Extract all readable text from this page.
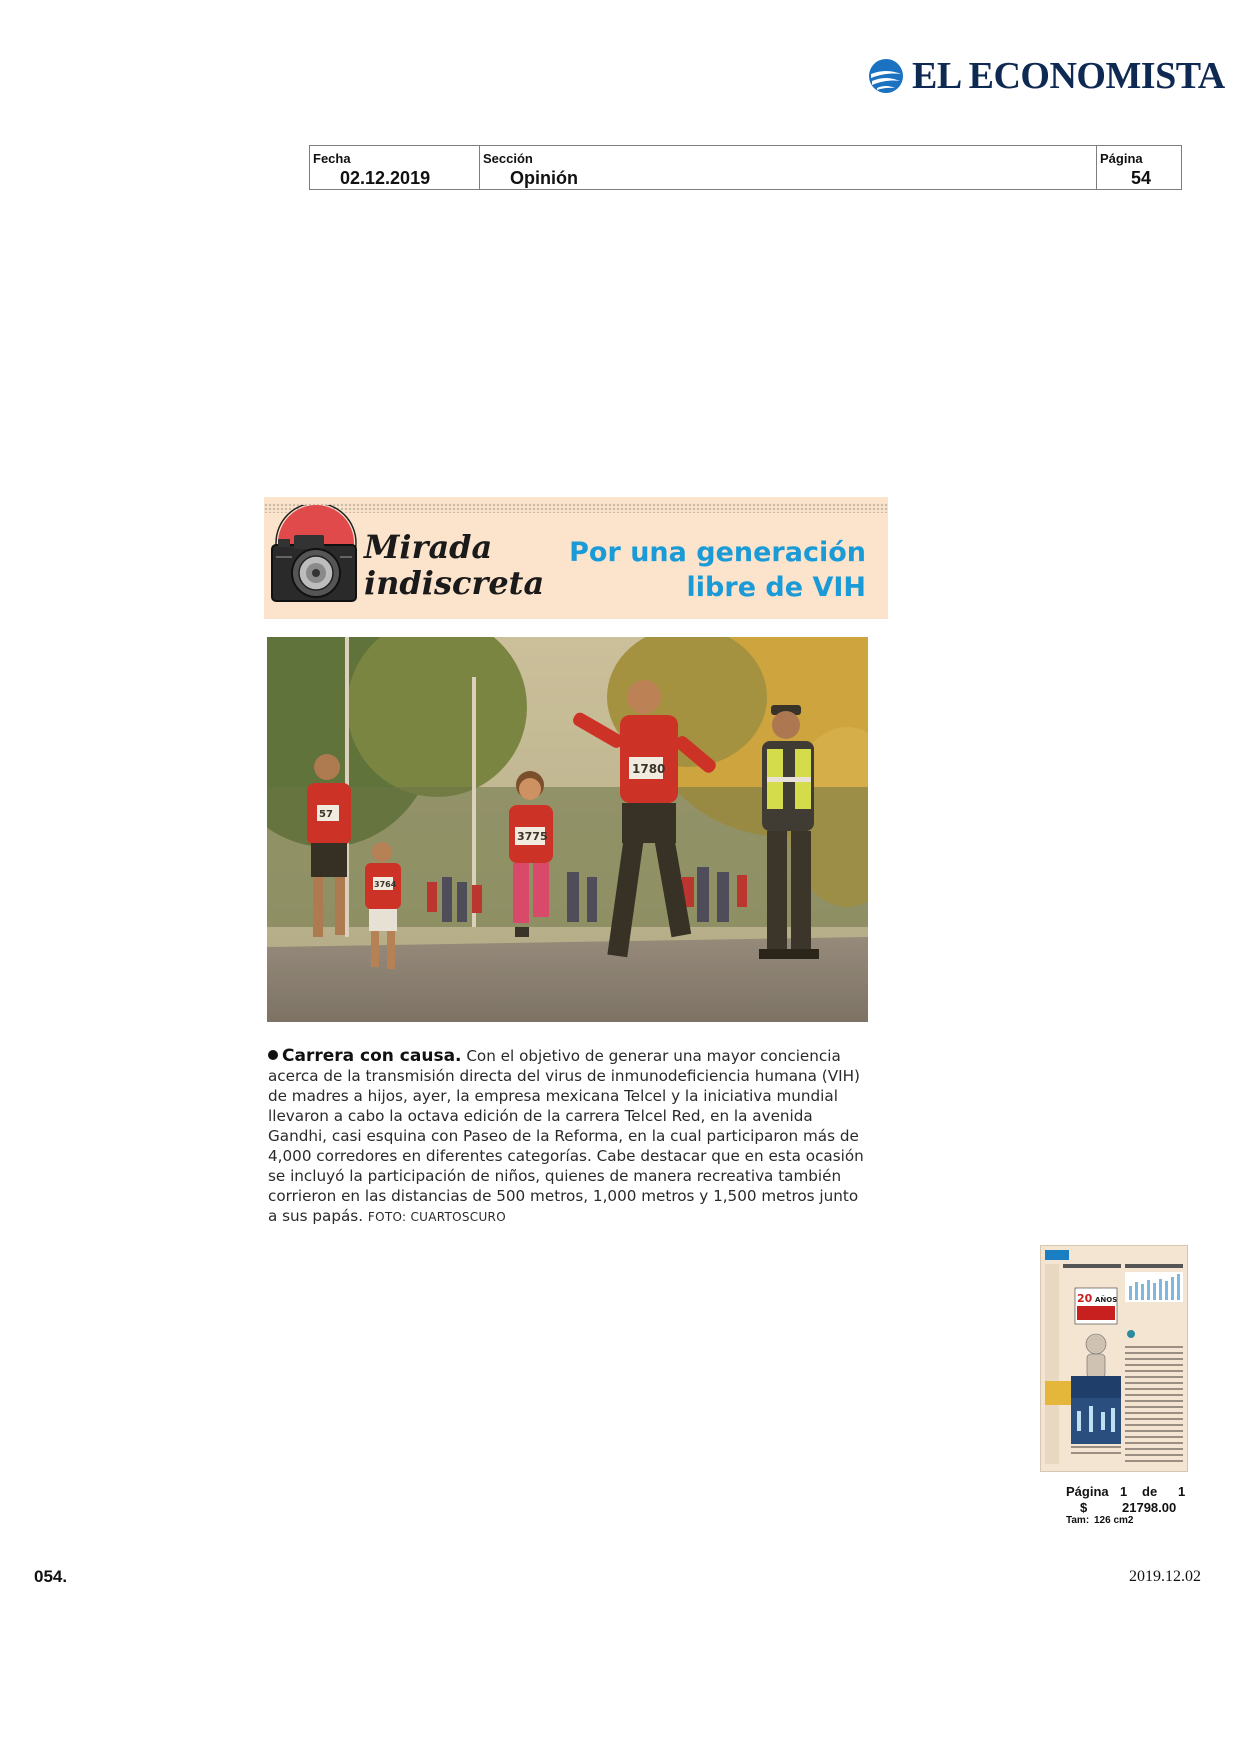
EL ECONOMISTA
Fecha
02.12.2019
Sección
Opinión
Página
54
Mirada
indiscreta
Por una generación
libre de VIH
57
3764
3775
1780
Carrera con causa. Con el objetivo de generar una mayor conciencia acerca de la transmisión directa del virus de inmunodeficiencia humana (VIH) de madres a hijos, ayer, la empresa mexicana Telcel y la iniciativa mundial llevaron a cabo la octava edición de la carrera Telcel Red, en la avenida Gandhi, casi esquina con Paseo de la Reforma, en la cual participaron más de 4,000 corredores en diferentes categorías. Cabe destacar que en esta ocasión se incluyó la participación de niños, quienes de manera recreativa también corrieron en las distancias de 500 metros, 1,000 metros y 1,500 metros junto a sus papás. FOTO: CUARTOSCURO
20 AÑOS
Página 1 de 1
$	21798.00
Tam: 126 cm2
054.	2019.12.02
